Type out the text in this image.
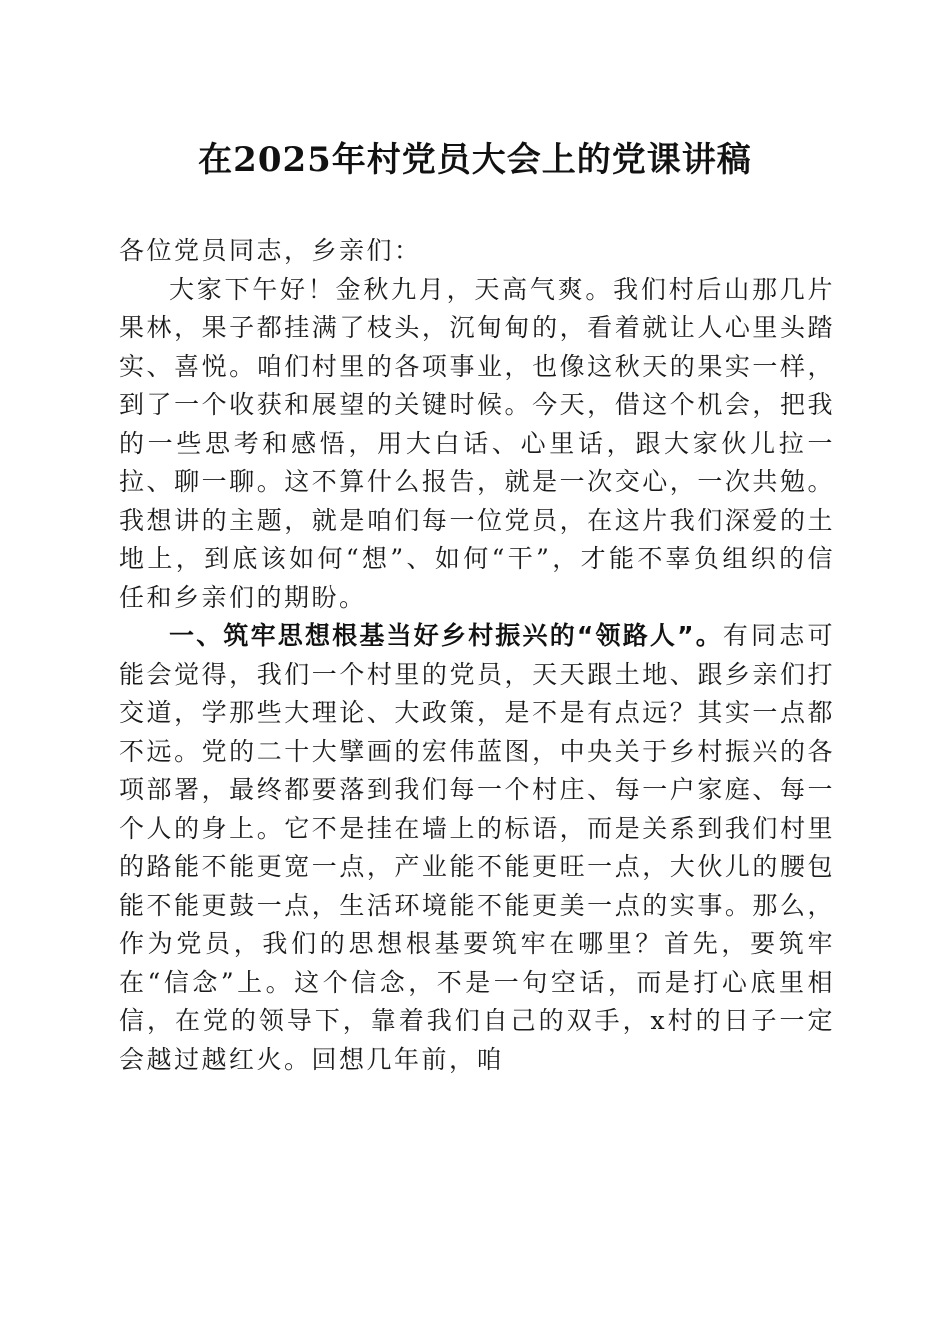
在2025年村党员大会上的党课讲稿

各位党员同志，乡亲们：

大家下午好！金秋九月，天高气爽。我们村后山那几片果林，果子都挂满了枝头，沉甸甸的，看着就让人心里头踏实、喜悦。咱们村里的各项事业，也像这秋天的果实一样，到了一个收获和展望的关键时候。今天，借这个机会，把我的一些思考和感悟，用大白话、心里话，跟大家伙儿拉一拉、聊一聊。这不算什么报告，就是一次交心，一次共勉。我想讲的主题，就是咱们每一位党员，在这片我们深爱的土地上，到底该如何“想”、如何“干”，才能不辜负组织的信任和乡亲们的期盼。

一、筑牢思想根基当好乡村振兴的“领路人”。有同志可能会觉得，我们一个村里的党员，天天跟土地、跟乡亲们打交道，学那些大理论、大政策，是不是有点远？其实一点都不远。党的二十大擘画的宏伟蓝图，中央关于乡村振兴的各项部署，最终都要落到我们每一个村庄、每一户家庭、每一个人的身上。它不是挂在墙上的标语，而是关系到我们村里的路能不能更宽一点，产业能不能更旺一点，大伙儿的腰包能不能更鼓一点，生活环境能不能更美一点的实事。那么，作为党员，我们的思想根基要筑牢在哪里？首先，要筑牢在“信念”上。这个信念，不是一句空话，而是打心底里相信，在党的领导下，靠着我们自己的双手，x村的日子一定会越过越红火。回想几年前，咱
